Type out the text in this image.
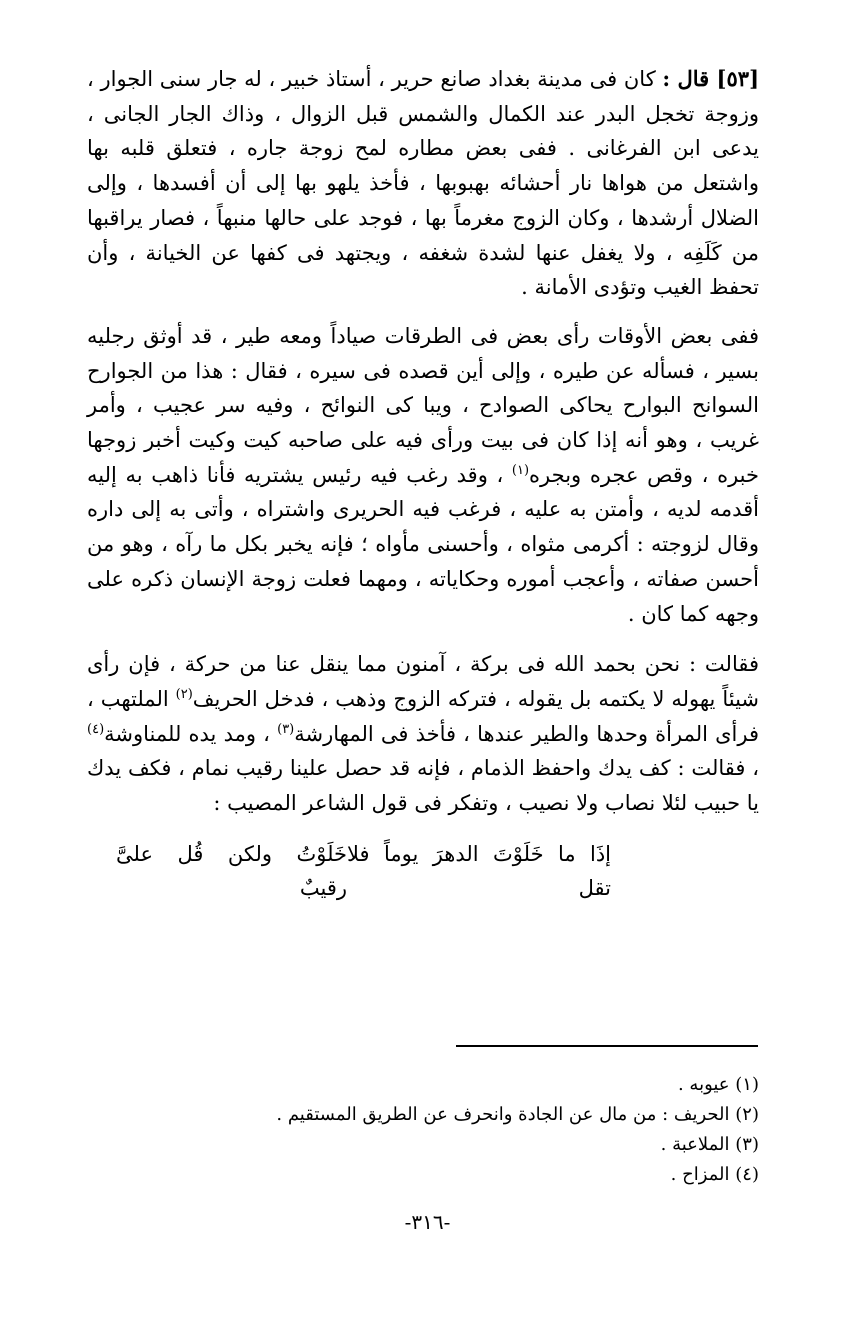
[٥٣] قال : كان فى مدينة بغداد صانع حرير ، أستاذ خبير ، له جار سنى الجوار ، وزوجة تخجل البدر عند الكمال والشمس قبل الزوال ، وذاك الجار الجانى ، يدعى ابن الفرغانى . ففى بعض مطاره لمح زوجة جاره ، فتعلق قلبه بها واشتعل من هواها نار أحشائه بهبوبها ، فأخذ يلهو بها إلى أن أفسدها ، وإلى الضلال أرشدها ، وكان الزوج مغرماً بها ، فوجد على حالها منبهاً ، فصار يراقبها من كَلَفِه ، ولا يغفل عنها لشدة شغفه ، ويجتهد فى كفها عن الخيانة ، وأن تحفظ الغيب وتؤدى الأمانة .

ففى بعض الأوقات رأى بعض فى الطرقات صياداً ومعه طير ، قد أوثق رجليه بسير ، فسأله عن طيره ، وإلى أين قصده فى سيره ، فقال : هذا من الجوارح السوانح البوارح يحاكى الصوادح ، ويبا كى النوائح ، وفيه سر عجيب ، وأمر غريب ، وهو أنه إذا كان فى بيت ورأى فيه على صاحبه كيت وكيت أخبر زوجها خبره ، وقص عجره وبجره$^{(١)}$ ، وقد رغب فيه رئيس يشتريه فأنا ذاهب به إليه أقدمه لديه ، وأمتن به عليه ، فرغب فيه الحريرى واشتراه ، وأتى به إلى داره وقال لزوجته : أكرمى مثواه ، وأحسنى مأواه ؛ فإنه يخبر بكل ما رآه ، وهو من أحسن صفاته ، وأعجب أموره وحكاياته ، ومهما فعلت زوجة الإنسان ذكره على وجهه كما كان .

فقالت : نحن بحمد الله فى بركة ، آمنون مما ينقل عنا من حركة ، فإن رأى شيئاً يهوله لا يكتمه بل يقوله ، فتركه الزوج وذهب ، فدخل الحريف$^{(٢)}$ الملتهب ، فرأى المرأة وحدها والطير عندها ، فأخذ فى المهارشة$^{(٣)}$ ، ومد يده للمناوشة$^{(٤)}$ ، فقالت : كف يدك واحفظ الذمام ، فإنه قد حصل علينا رقيب نمام ، فكف يدك يا حبيب لئلا نصاب ولا نصيب ، وتفكر فى قول الشاعر المصيب :

إذَا ما خَلَوْتَ الدهرَ يوماً فلا تقل
خَلَوْتُ ولكن قُل علىَّ رقيبٌ

(١) عيوبه .

(٢) الحريف : من مال عن الجادة وانحرف عن الطريق المستقيم .

(٣) الملاعبة .

(٤) المزاح .

-٣١٦-
